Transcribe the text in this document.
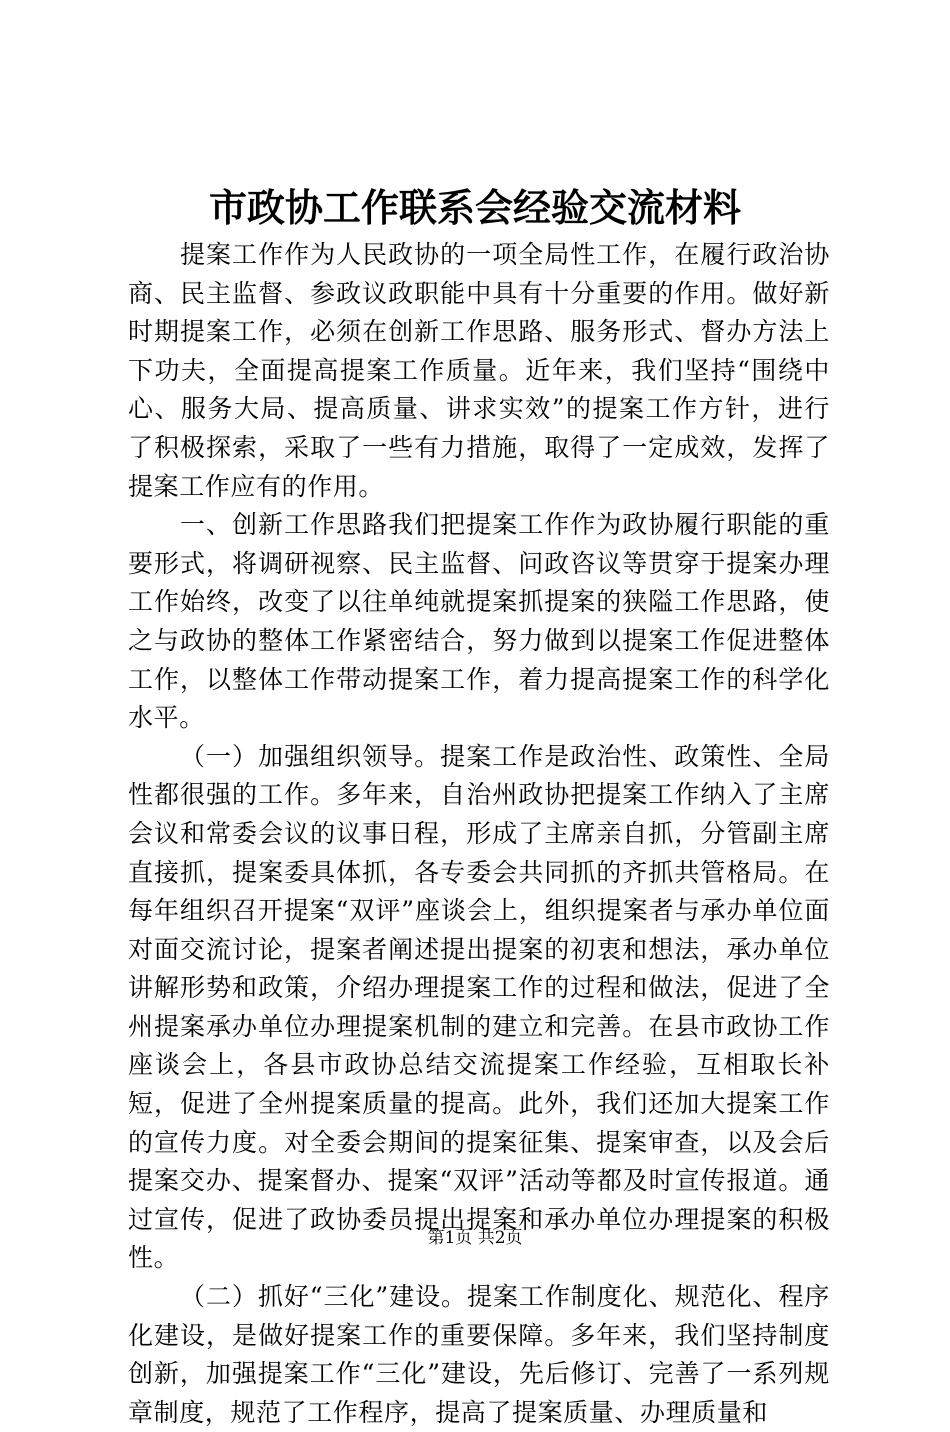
市政协工作联系会经验交流材料

提案工作作为人民政协的一项全局性工作，在履行政治协商、民主监督、参政议政职能中具有十分重要的作用。做好新时期提案工作，必须在创新工作思路、服务形式、督办方法上下功夫，全面提高提案工作质量。近年来，我们坚持“围绕中心、服务大局、提高质量、讲求实效”的提案工作方针，进行了积极探索，采取了一些有力措施，取得了一定成效，发挥了提案工作应有的作用。

一、创新工作思路我们把提案工作作为政协履行职能的重要形式，将调研视察、民主监督、问政咨议等贯穿于提案办理工作始终，改变了以往单纯就提案抓提案的狭隘工作思路，使之与政协的整体工作紧密结合，努力做到以提案工作促进整体工作，以整体工作带动提案工作，着力提高提案工作的科学化水平。

（一）加强组织领导。提案工作是政治性、政策性、全局性都很强的工作。多年来，自治州政协把提案工作纳入了主席会议和常委会议的议事日程，形成了主席亲自抓，分管副主席直接抓，提案委具体抓，各专委会共同抓的齐抓共管格局。在每年组织召开提案“双评”座谈会上，组织提案者与承办单位面对面交流讨论，提案者阐述提出提案的初衷和想法，承办单位讲解形势和政策，介绍办理提案工作的过程和做法，促进了全州提案承办单位办理提案机制的建立和完善。在县市政协工作座谈会上，各县市政协总结交流提案工作经验，互相取长补短，促进了全州提案质量的提高。此外，我们还加大提案工作的宣传力度。对全委会期间的提案征集、提案审查，以及会后提案交办、提案督办、提案“双评”活动等都及时宣传报道。通过宣传，促进了政协委员提出提案和承办单位办理提案的积极性。

（二）抓好“三化”建设。提案工作制度化、规范化、程序化建设，是做好提案工作的重要保障。多年来，我们坚持制度创新，加强提案工作“三化”建设，先后修订、完善了一系列规章制度，规范了工作程序，提高了提案质量、办理质量和

第1页 共2页
